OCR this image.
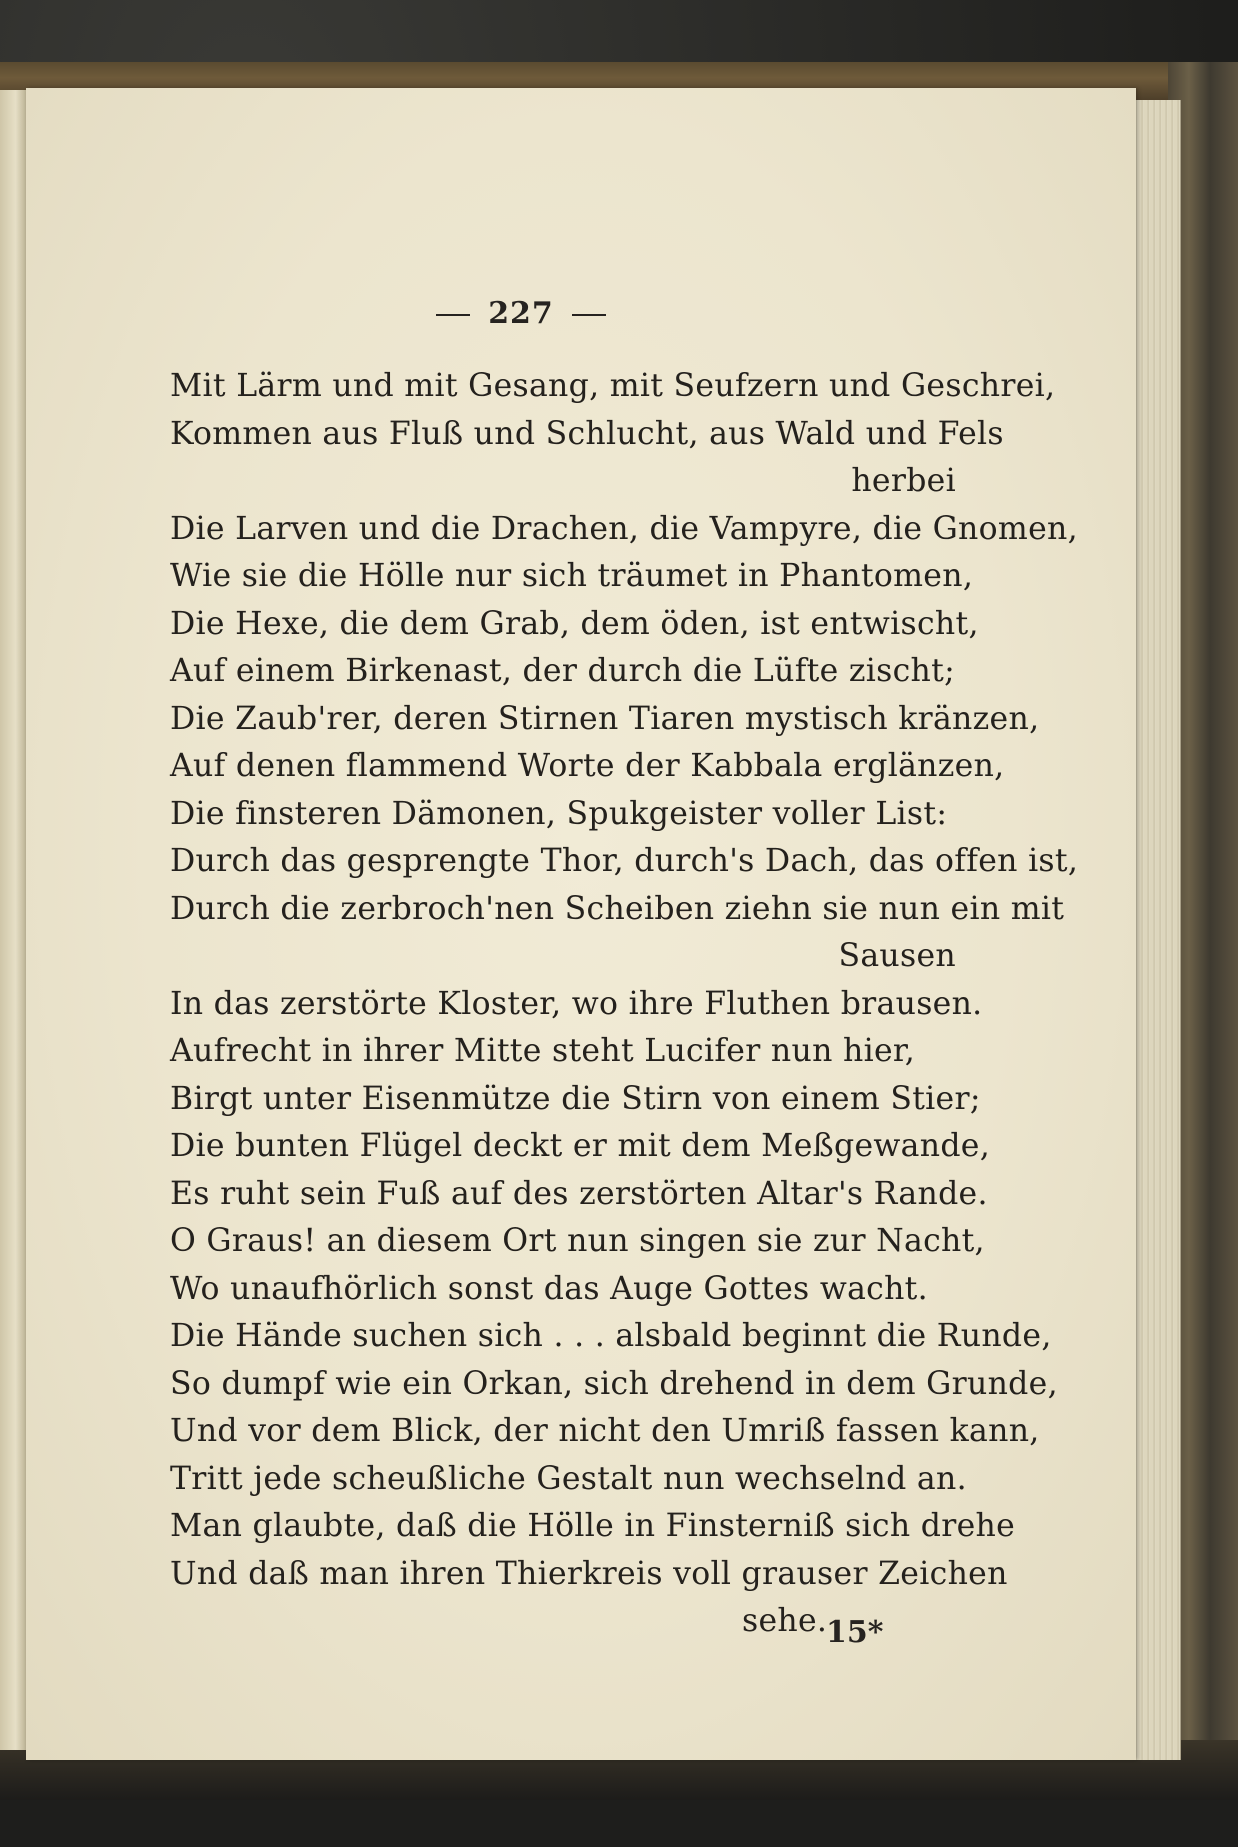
227
Mit Lärm und mit Gesang, mit Seufzern und Geschrei,
Kommen aus Fluß und Schlucht, aus Wald und Fels
herbei
Die Larven und die Drachen, die Vampyre, die Gnomen,
Wie sie die Hölle nur sich träumet in Phantomen,
Die Hexe, die dem Grab, dem öden, ist entwischt,
Auf einem Birkenast, der durch die Lüfte zischt;
Die Zaub'rer, deren Stirnen Tiaren mystisch kränzen,
Auf denen flammend Worte der Kabbala erglänzen,
Die finsteren Dämonen, Spukgeister voller List:
Durch das gesprengte Thor, durch's Dach, das offen ist,
Durch die zerbroch'nen Scheiben ziehn sie nun ein mit
Sausen
In das zerstörte Kloster, wo ihre Fluthen brausen.
Aufrecht in ihrer Mitte steht Lucifer nun hier,
Birgt unter Eisenmütze die Stirn von einem Stier;
Die bunten Flügel deckt er mit dem Meßgewande,
Es ruht sein Fuß auf des zerstörten Altar's Rande.
O Graus! an diesem Ort nun singen sie zur Nacht,
Wo unaufhörlich sonst das Auge Gottes wacht.
Die Hände suchen sich . . . alsbald beginnt die Runde,
So dumpf wie ein Orkan, sich drehend in dem Grunde,
Und vor dem Blick, der nicht den Umriß fassen kann,
Tritt jede scheußliche Gestalt nun wechselnd an.
Man glaubte, daß die Hölle in Finsterniß sich drehe
Und daß man ihren Thierkreis voll grauser Zeichen
sehe.
15*
